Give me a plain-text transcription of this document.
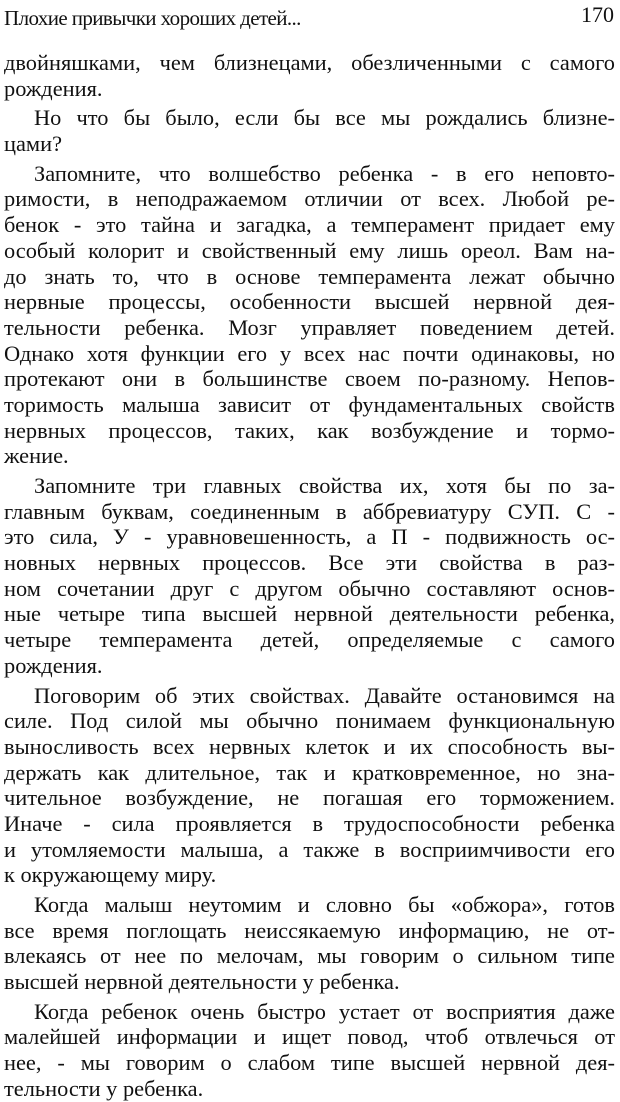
Плохие привычки хороших детей...	170
двойняшками, чем близнецами, обезличенными с самого
рождения.
Но что бы было, если бы все мы рождались близне-
цами?
Запомните, что волшебство ребенка - в его неповто-
римости, в неподражаемом отличии от всех. Любой ре-
бенок - это тайна и загадка, а темперамент придает ему
особый колорит и свойственный ему лишь ореол. Вам на-
до знать то, что в основе темперамента лежат обычно
нервные процессы, особенности высшей нервной дея-
тельности ребенка. Мозг управляет поведением детей.
Однако хотя функции его у всех нас почти одинаковы, но
протекают они в большинстве своем по-разному. Непов-
торимость малыша зависит от фундаментальных свойств
нервных процессов, таких, как возбуждение и тормо-
жение.
Запомните три главных свойства их, хотя бы по за-
главным буквам, соединенным в аббревиатуру СУП. С -
это сила, У - уравновешенность, а П - подвижность ос-
новных нервных процессов. Все эти свойства в раз-
ном сочетании друг с другом обычно составляют основ-
ные четыре типа высшей нервной деятельности ребенка,
четыре темперамента детей, определяемые с самого
рождения.
Поговорим об этих свойствах. Давайте остановимся на
силе. Под силой мы обычно понимаем функциональную
выносливость всех нервных клеток и их способность вы-
держать как длительное, так и кратковременное, но зна-
чительное возбуждение, не погашая его торможением.
Иначе - сила проявляется в трудоспособности ребенка
и утомляемости малыша, а также в восприимчивости его
к окружающему миру.
Когда малыш неутомим и словно бы «обжора», готов
все время поглощать неиссякаемую информацию, не от-
влекаясь от нее по мелочам, мы говорим о сильном типе
высшей нервной деятельности у ребенка.
Когда ребенок очень быстро устает от восприятия даже
малейшей информации и ищет повод, чтоб отвлечься от
нее, - мы говорим о слабом типе высшей нервной дея-
тельности у ребенка.
